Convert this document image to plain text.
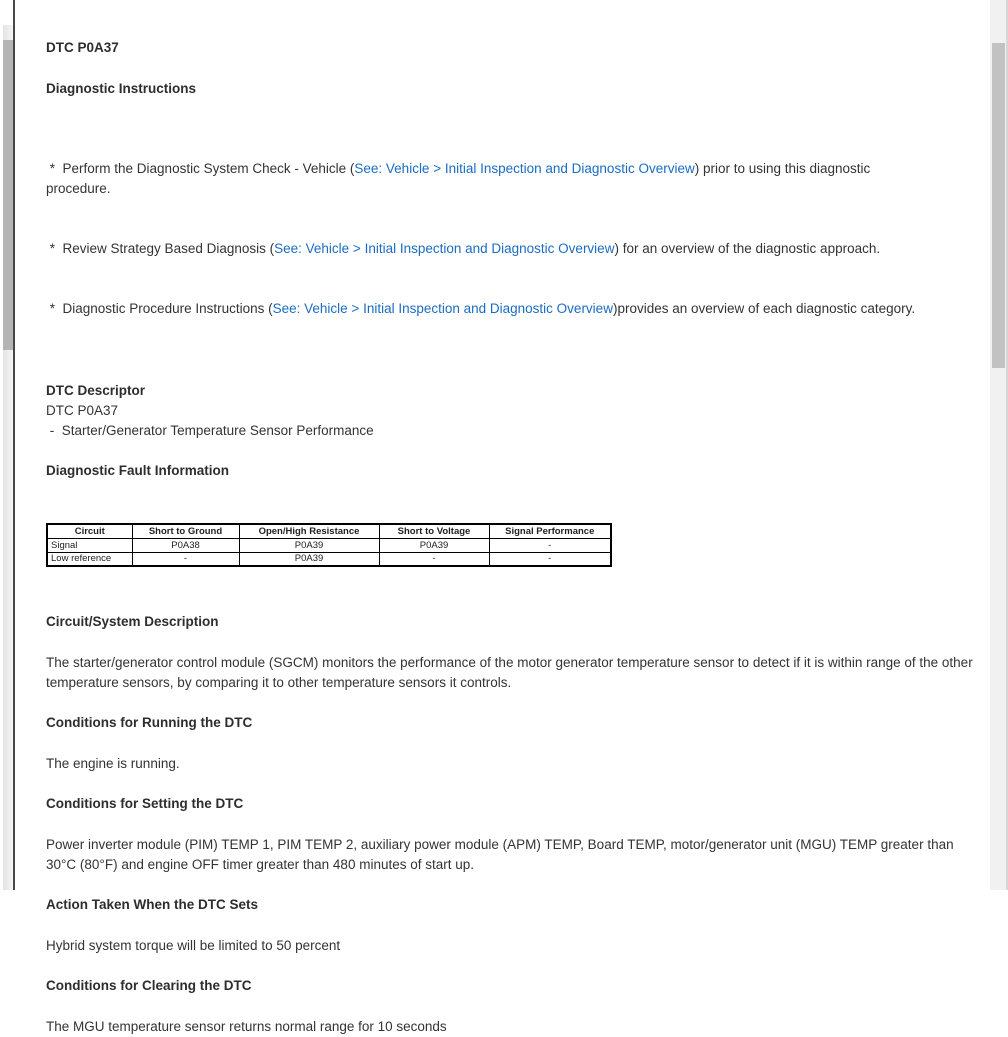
DTC P0A37
Diagnostic Instructions

*  Perform the Diagnostic System Check - Vehicle (See: Vehicle > Initial Inspection and Diagnostic Overview) prior to using this diagnostic
procedure.

*  Review Strategy Based Diagnosis (See: Vehicle > Initial Inspection and Diagnostic Overview) for an overview of the diagnostic approach.

*  Diagnostic Procedure Instructions (See: Vehicle > Initial Inspection and Diagnostic Overview)provides an overview of each diagnostic category.

DTC Descriptor
DTC P0A37
-  Starter/Generator Temperature Sensor Performance
Diagnostic Fault Information
Circuit	Short to Ground	Open/High Resistance	Short to Voltage	Signal Performance
Signal	P0A38	P0A39	P0A39	-
Low reference	-	P0A39	-	-
Circuit/System Description
The starter/generator control module (SGCM) monitors the performance of the motor generator temperature sensor to detect if it is within range of the other temperature sensors, by comparing it to other temperature sensors it controls.
Conditions for Running the DTC
The engine is running.
Conditions for Setting the DTC
Power inverter module (PIM) TEMP 1, PIM TEMP 2, auxiliary power module (APM) TEMP, Board TEMP, motor/generator unit (MGU) TEMP greater than 30°C (80°F) and engine OFF timer greater than 480 minutes of start up.
Action Taken When the DTC Sets
Hybrid system torque will be limited to 50 percent
Conditions for Clearing the DTC
The MGU temperature sensor returns normal range for 10 seconds
